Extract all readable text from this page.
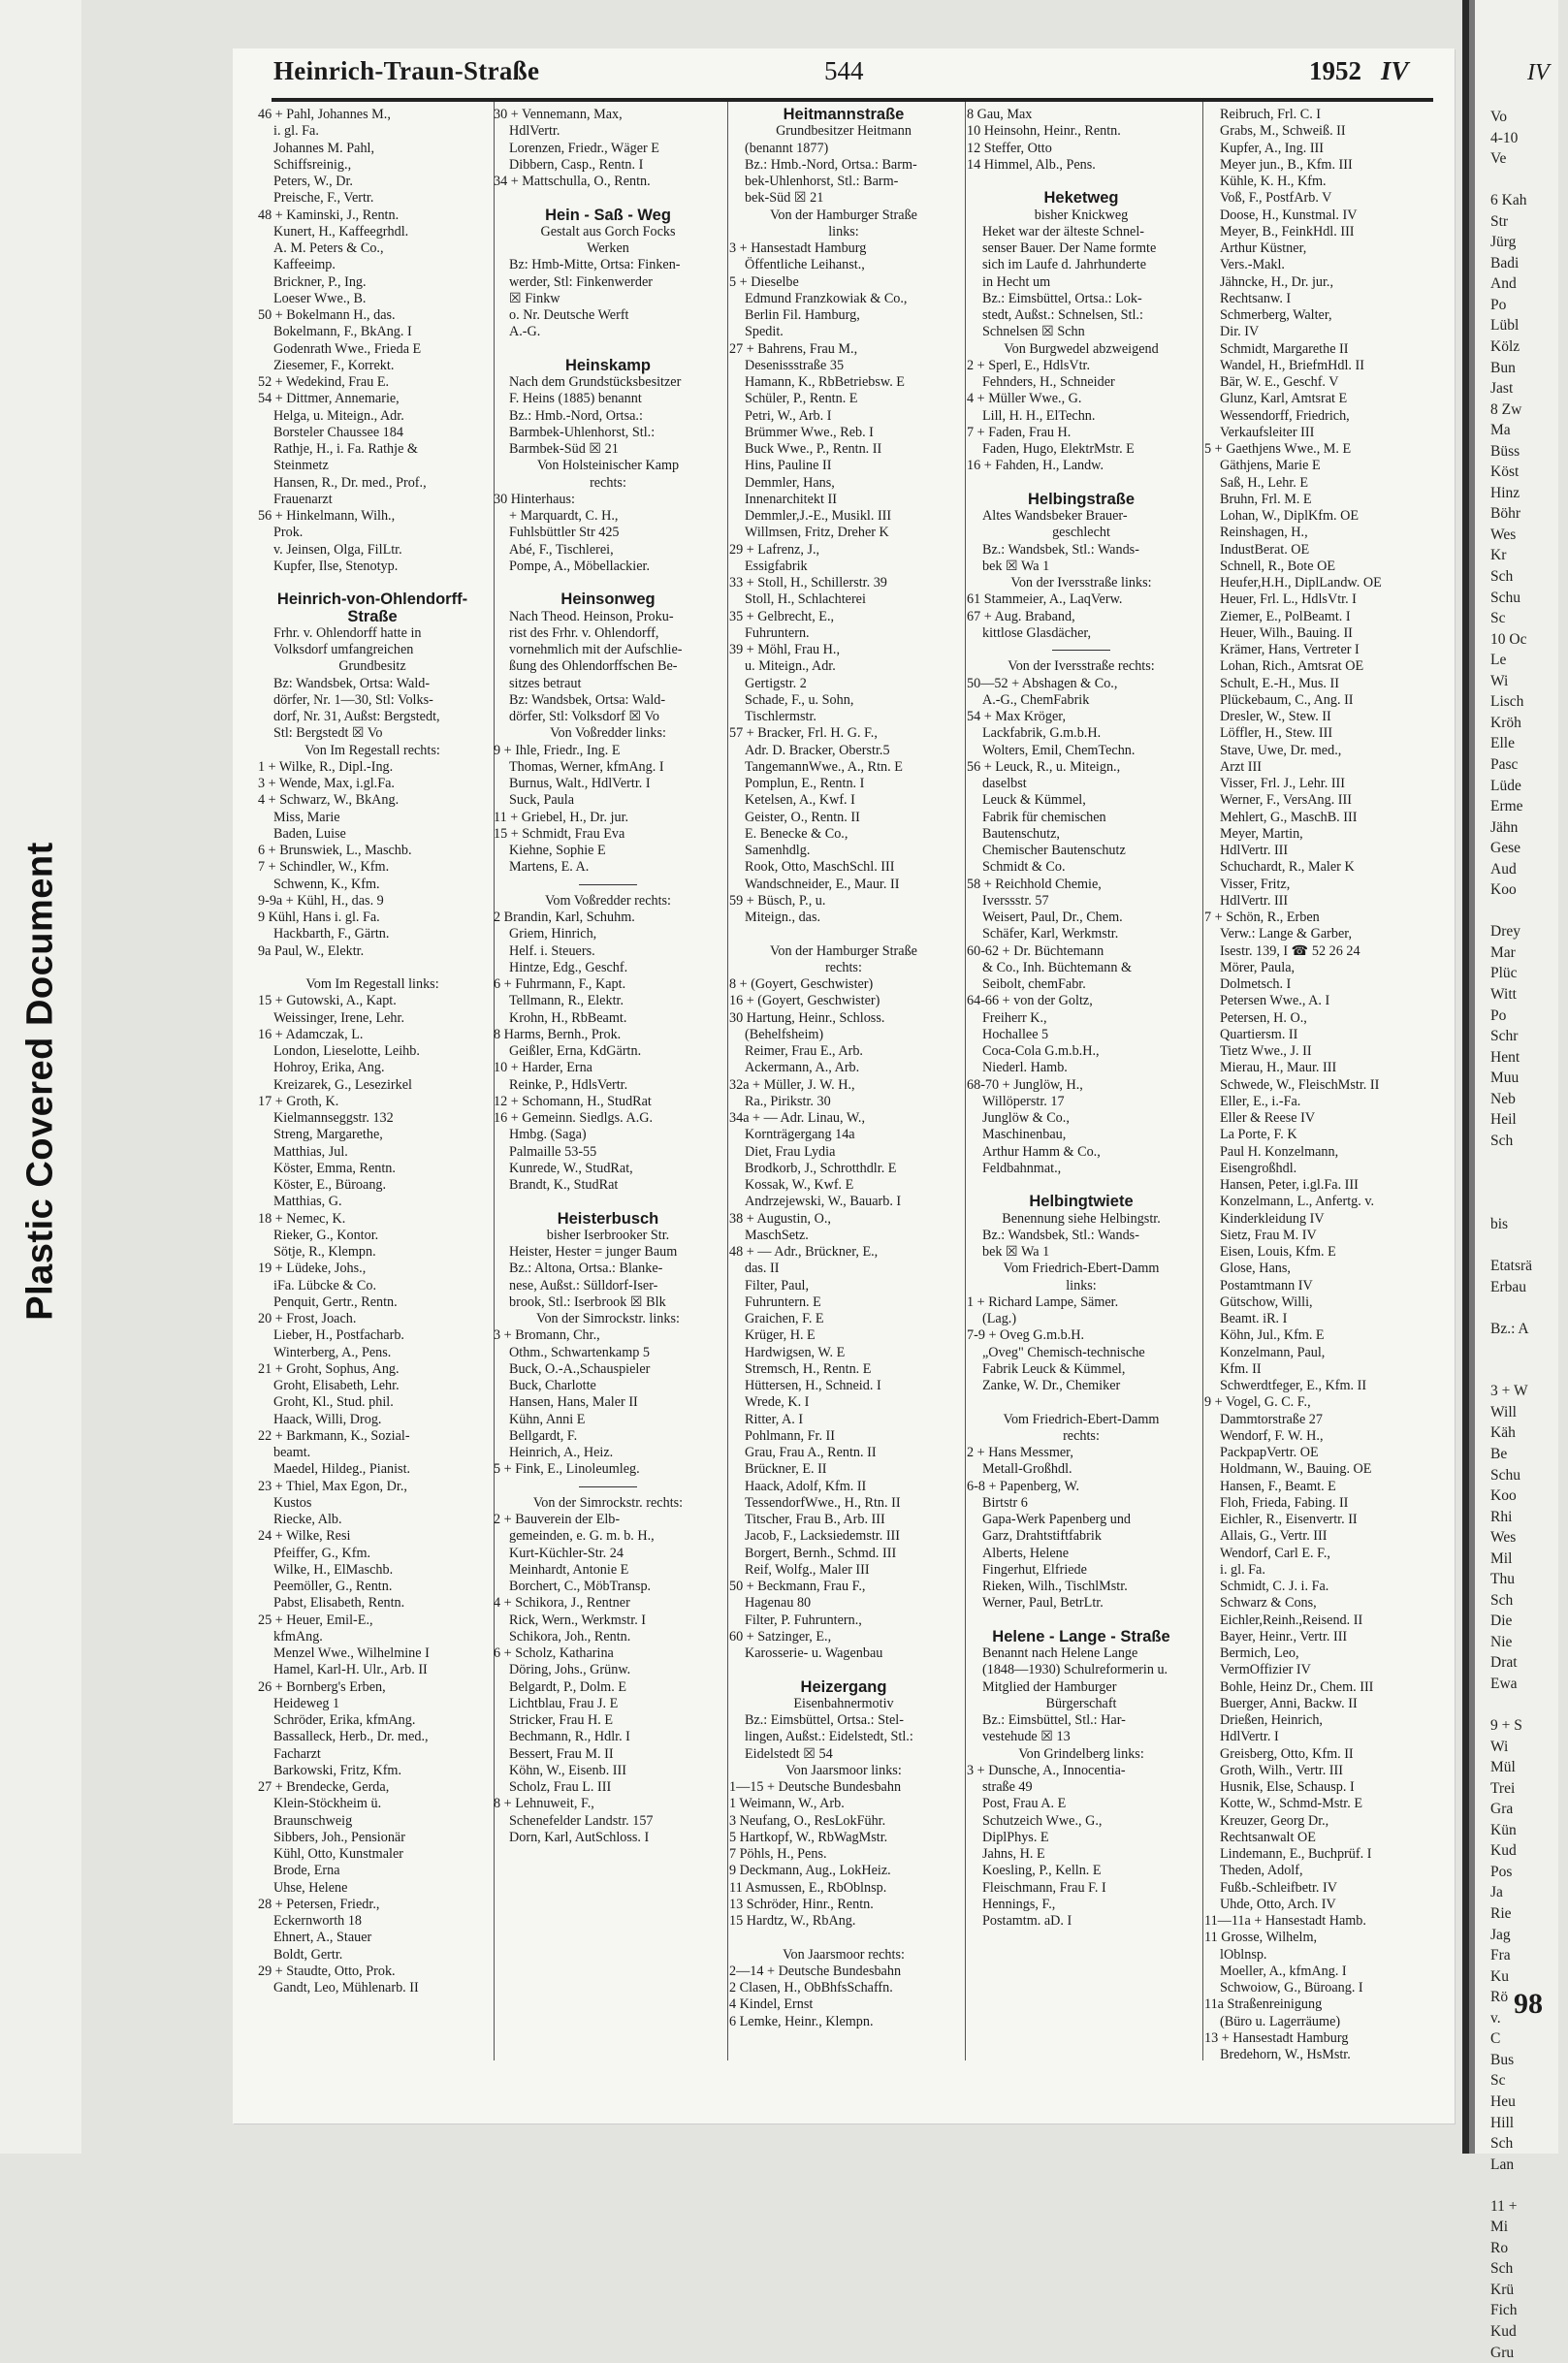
Plastic Covered Document
Heinrich-Traun-Straße	544	1952 IV
46 + Pahl, Johannes M.,
i. gl. Fa.
Johannes M. Pahl,
Schiffsreinig.,
Peters, W., Dr.
Preische, F., Vertr.
48 + Kaminski, J., Rentn.
Kunert, H., Kaffeegrhdl.
A. M. Peters & Co.,
Kaffeeimp.
Brickner, P., Ing.
Loeser Wwe., B.
50 + Bokelmann H., das.
Bokelmann, F., BkAng. I
Godenrath Wwe., Frieda E
Ziesemer, F., Korrekt.
52 + Wedekind, Frau E.
54 + Dittmer, Annemarie,
Helga, u. Miteign., Adr.
Borsteler Chaussee 184
Rathje, H., i. Fa. Rathje &
Steinmetz
Hansen, R., Dr. med., Prof.,
Frauenarzt
56 + Hinkelmann, Wilh.,
Prok.
v. Jeinsen, Olga, FilLtr.
Kupfer, Ilse, Stenotyp.
Heinrich-von-Ohlendorff-
Straße
Frhr. v. Ohlendorff hatte in
Volksdorf umfangreichen
Grundbesitz
Bz: Wandsbek, Ortsa: Wald-
dörfer, Nr. 1—30, Stl: Volks-
dorf, Nr. 31, Außst: Bergstedt,
Stl: Bergstedt ☒ Vo
Von Im Regestall rechts:
1 + Wilke, R., Dipl.-Ing.
3 + Wende, Max, i.gl.Fa.
4 + Schwarz, W., BkAng.
Miss, Marie
Baden, Luise
6 + Brunswiek, L., Maschb.
7 + Schindler, W., Kfm.
Schwenn, K., Kfm.
9-9a + Kühl, H., das. 9
9 Kühl, Hans i. gl. Fa.
Hackbarth, F., Gärtn.
9a Paul, W., Elektr.
Vom Im Regestall links:
15 + Gutowski, A., Kapt.
Weissinger, Irene, Lehr.
16 + Adamczak, L.
London, Lieselotte, Leihb.
Hohroy, Erika, Ang.
Kreizarek, G., Lesezirkel
17 + Groth, K.
Kielmannseggstr. 132
Streng, Margarethe,
Matthias, Jul.
Köster, Emma, Rentn.
Köster, E., Büroang.
Matthias, G.
18 + Nemec, K.
Rieker, G., Kontor.
Sötje, R., Klempn.
19 + Lüdeke, Johs.,
iFa. Lübcke & Co.
Penquit, Gertr., Rentn.
20 + Frost, Joach.
Lieber, H., Postfacharb.
Winterberg, A., Pens.
21 + Groht, Sophus, Ang.
Groht, Elisabeth, Lehr.
Groht, Kl., Stud. phil.
Haack, Willi, Drog.
22 + Barkmann, K., Sozial-
beamt.
Maedel, Hildeg., Pianist.
23 + Thiel, Max Egon, Dr.,
Kustos
Riecke, Alb.
24 + Wilke, Resi
Pfeiffer, G., Kfm.
Wilke, H., ElMaschb.
Peemöller, G., Rentn.
Pabst, Elisabeth, Rentn.
25 + Heuer, Emil-E.,
kfmAng.
Menzel Wwe., Wilhelmine I
Hamel, Karl-H. Ulr., Arb. II
26 + Bornberg's Erben,
Heideweg 1
Schröder, Erika, kfmAng.
Bassalleck, Herb., Dr. med.,
Facharzt
Barkowski, Fritz, Kfm.
27 + Brendecke, Gerda,
Klein-Stöckheim ü.
Braunschweig
Sibbers, Joh., Pensionär
Kühl, Otto, Kunstmaler
Brode, Erna
Uhse, Helene
28 + Petersen, Friedr.,
Eckernworth 18
Ehnert, A., Stauer
Boldt, Gertr.
29 + Staudte, Otto, Prok.
Gandt, Leo, Mühlenarb. II
30 + Vennemann, Max,
HdlVertr.
Lorenzen, Friedr., Wäger E
Dibbern, Casp., Rentn. I
34 + Mattschulla, O., Rentn.
Hein - Saß - Weg
Gestalt aus Gorch Focks
Werken
Bz: Hmb-Mitte, Ortsa: Finken-
werder, Stl: Finkenwerder
☒ Finkw
o. Nr. Deutsche Werft
A.-G.
Heinskamp
Nach dem Grundstücksbesitzer
F. Heins (1885) benannt
Bz.: Hmb.-Nord, Ortsa.:
Barmbek-Uhlenhorst, Stl.:
Barmbek-Süd ☒ 21
Von Holsteinischer Kamp
rechts:
30 Hinterhaus:
+ Marquardt, C. H.,
Fuhlsbüttler Str 425
Abé, F., Tischlerei,
Pompe, A., Möbellackier.
Heinsonweg
Nach Theod. Heinson, Proku-
rist des Frhr. v. Ohlendorff,
vornehmlich mit der Aufschlie-
ßung des Ohlendorffschen Be-
sitzes betraut
Bz: Wandsbek, Ortsa: Wald-
dörfer, Stl: Volksdorf ☒ Vo
Von Voßredder links:
9 + Ihle, Friedr., Ing. E
Thomas, Werner, kfmAng. I
Burnus, Walt., HdlVertr. I
Suck, Paula
11 + Griebel, H., Dr. jur.
15 + Schmidt, Frau Eva
Kiehne, Sophie E
Martens, E. A.
Vom Voßredder rechts:
2 Brandin, Karl, Schuhm.
Griem, Hinrich,
Helf. i. Steuers.
Hintze, Edg., Geschf.
6 + Fuhrmann, F., Kapt.
Tellmann, R., Elektr.
Krohn, H., RbBeamt.
8 Harms, Bernh., Prok.
Geißler, Erna, KdGärtn.
10 + Harder, Erna
Reinke, P., HdlsVertr.
12 + Schomann, H., StudRat
16 + Gemeinn. Siedlgs. A.G.
Hmbg. (Saga)
Palmaille 53-55
Kunrede, W., StudRat,
Brandt, K., StudRat
Heisterbusch
bisher Iserbrooker Str.
Heister, Hester = junger Baum
Bz.: Altona, Ortsa.: Blanke-
nese, Außst.: Sülldorf-Iser-
brook, Stl.: Iserbrook ☒ Blk
Von der Simrockstr. links:
3 + Bromann, Chr.,
Othm., Schwartenkamp 5
Buck, O.-A.,Schauspieler
Buck, Charlotte
Hansen, Hans, Maler II
Kühn, Anni E
Bellgardt, F.
Heinrich, A., Heiz.
5 + Fink, E., Linoleumleg.
Von der Simrockstr. rechts:
2 + Bauverein der Elb-
gemeinden, e. G. m. b. H.,
Kurt-Küchler-Str. 24
Meinhardt, Antonie E
Borchert, C., MöbTransp.
4 + Schikora, J., Rentner
Rick, Wern., Werkmstr. I
Schikora, Joh., Rentn.
6 + Scholz, Katharina
Döring, Johs., Grünw.
Belgardt, P., Dolm. E
Lichtblau, Frau J. E
Stricker, Frau H. E
Bechmann, R., Hdlr. I
Bessert, Frau M. II
Köhn, W., Eisenb. III
Scholz, Frau L. III
8 + Lehnuweit, F.,
Schenefelder Landstr. 157
Dorn, Karl, AutSchloss. I
Heitmannstraße
Grundbesitzer Heitmann
(benannt 1877)
Bz.: Hmb.-Nord, Ortsa.: Barm-
bek-Uhlenhorst, Stl.: Barm-
bek-Süd ☒ 21
Von der Hamburger Straße
links:
3 + Hansestadt Hamburg
Öffentliche Leihanst.,
5 + Dieselbe
Edmund Franzkowiak & Co.,
Berlin Fil. Hamburg,
Spedit.
27 + Bahrens, Frau M.,
Desenissstraße 35
Hamann, K., RbBetriebsw. E
Schüler, P., Rentn. E
Petri, W., Arb. I
Brümmer Wwe., Reb. I
Buck Wwe., P., Rentn. II
Hins, Pauline II
Demmler, Hans,
Innenarchitekt II
Demmler,J.-E., Musikl. III
Willmsen, Fritz, Dreher K
29 + Lafrenz, J.,
Essigfabrik
33 + Stoll, H., Schillerstr. 39
Stoll, H., Schlachterei
35 + Gelbrecht, E.,
Fuhruntern.
39 + Möhl, Frau H.,
u. Miteign., Adr.
Gertigstr. 2
Schade, F., u. Sohn,
Tischlermstr.
57 + Bracker, Frl. H. G. F.,
Adr. D. Bracker, Oberstr.5
TangemannWwe., A., Rtn. E
Pomplun, E., Rentn. I
Ketelsen, A., Kwf. I
Geister, O., Rentn. II
E. Benecke & Co.,
Samenhdlg.
Rook, Otto, MaschSchl. III
Wandschneider, E., Maur. II
59 + Büsch, P., u.
Miteign., das.
Von der Hamburger Straße
rechts:
8 + (Goyert, Geschwister)
16 + (Goyert, Geschwister)
30 Hartung, Heinr., Schloss.
(Behelfsheim)
Reimer, Frau E., Arb.
Ackermann, A., Arb.
32a + Müller, J. W. H.,
Ra., Pirikstr. 30
34a + — Adr. Linau, W.,
Kornträgergang 14a
Diet, Frau Lydia
Brodkorb, J., Schrotthdlr. E
Kossak, W., Kwf. E
Andrzejewski, W., Bauarb. I
38 + Augustin, O.,
MaschSetz.
48 + — Adr., Brückner, E.,
das. II
Filter, Paul,
Fuhruntern. E
Graichen, F. E
Krüger, H. E
Hardwigsen, W. E
Stremsch, H., Rentn. E
Hüttersen, H., Schneid. I
Wrede, K. I
Ritter, A. I
Pohlmann, Fr. II
Grau, Frau A., Rentn. II
Brückner, E. II
Haack, Adolf, Kfm. II
TessendorfWwe., H., Rtn. II
Titscher, Frau B., Arb. III
Jacob, F., Lacksiedemstr. III
Borgert, Bernh., Schmd. III
Reif, Wolfg., Maler III
50 + Beckmann, Frau F.,
Hagenau 80
Filter, P. Fuhruntern.,
60 + Satzinger, E.,
Karosserie- u. Wagenbau
Heizergang
Eisenbahnermotiv
Bz.: Eimsbüttel, Ortsa.: Stel-
lingen, Außst.: Eidelstedt, Stl.:
Eidelstedt ☒ 54
Von Jaarsmoor links:
1—15 + Deutsche Bundesbahn
1 Weimann, W., Arb.
3 Neufang, O., ResLokFühr.
5 Hartkopf, W., RbWagMstr.
7 Pöhls, H., Pens.
9 Deckmann, Aug., LokHeiz.
11 Asmussen, E., RbOblnsp.
13 Schröder, Hinr., Rentn.
15 Hardtz, W., RbAng.
Von Jaarsmoor rechts:
2—14 + Deutsche Bundesbahn
2 Clasen, H., ObBhfsSchaffn.
4 Kindel, Ernst
6 Lemke, Heinr., Klempn.
8 Gau, Max
10 Heinsohn, Heinr., Rentn.
12 Steffer, Otto
14 Himmel, Alb., Pens.
Heketweg
bisher Knickweg
Heket war der älteste Schnel-
senser Bauer. Der Name formte
sich im Laufe d. Jahrhunderte
in Hecht um
Bz.: Eimsbüttel, Ortsa.: Lok-
stedt, Außst.: Schnelsen, Stl.:
Schnelsen ☒ Schn
Von Burgwedel abzweigend
2 + Sperl, E., HdlsVtr.
Fehnders, H., Schneider
4 + Müller Wwe., G.
Lill, H. H., ElTechn.
7 + Faden, Frau H.
Faden, Hugo, ElektrMstr. E
16 + Fahden, H., Landw.
Helbingstraße
Altes Wandsbeker Brauer-
geschlecht
Bz.: Wandsbek, Stl.: Wands-
bek ☒ Wa 1
Von der Iversstraße links:
61 Stammeier, A., LaqVerw.
67 + Aug. Braband,
kittlose Glasdächer,
Von der Iversstraße rechts:
50—52 + Abshagen & Co.,
A.-G., ChemFabrik
54 + Max Kröger,
Lackfabrik, G.m.b.H.
Wolters, Emil, ChemTechn.
56 + Leuck, R., u. Miteign.,
daselbst
Leuck & Kümmel,
Fabrik für chemischen
Bautenschutz,
Chemischer Bautenschutz
Schmidt & Co.
58 + Reichhold Chemie,
Iverssstr. 57
Weisert, Paul, Dr., Chem.
Schäfer, Karl, Werkmstr.
60-62 + Dr. Büchtemann
& Co., Inh. Büchtemann &
Seibolt, chemFabr.
64-66 + von der Goltz,
Freiherr K.,
Hochallee 5
Coca-Cola G.m.b.H.,
Niederl. Hamb.
68-70 + Junglöw, H.,
Willöperstr. 17
Junglöw & Co.,
Maschinenbau,
Arthur Hamm & Co.,
Feldbahnmat.,
Helbingtwiete
Benennung siehe Helbingstr.
Bz.: Wandsbek, Stl.: Wands-
bek ☒ Wa 1
Vom Friedrich-Ebert-Damm
links:
1 + Richard Lampe, Sämer.
(Lag.)
7-9 + Oveg G.m.b.H.
„Oveg" Chemisch-technische
Fabrik Leuck & Kümmel,
Zanke, W. Dr., Chemiker
Vom Friedrich-Ebert-Damm
rechts:
2 + Hans Messmer,
Metall-Großhdl.
6-8 + Papenberg, W.
Birtstr 6
Gapa-Werk Papenberg und
Garz, Drahtstiftfabrik
Alberts, Helene
Fingerhut, Elfriede
Rieken, Wilh., TischlMstr.
Werner, Paul, BetrLtr.
Helene - Lange - Straße
Benannt nach Helene Lange
(1848—1930) Schulreformerin u.
Mitglied der Hamburger
Bürgerschaft
Bz.: Eimsbüttel, Stl.: Har-
vestehude ☒ 13
Von Grindelberg links:
3 + Dunsche, A., Innocentia-
straße 49
Post, Frau A. E
Schutzeich Wwe., G.,
DiplPhys. E
Jahns, H. E
Koesling, P., Kelln. E
Fleischmann, Frau F. I
Hennings, F.,
Postamtm. aD. I
Reibruch, Frl. C. I
Grabs, M., Schweiß. II
Kupfer, A., Ing. III
Meyer jun., B., Kfm. III
Kühle, K. H., Kfm.
Voß, F., PostfArb. V
Doose, H., Kunstmal. IV
Meyer, B., FeinkHdl. III
Arthur Küstner,
Vers.-Makl.
Jähncke, H., Dr. jur.,
Rechtsanw. I
Schmerberg, Walter,
Dir. IV
Schmidt, Margarethe II
Wandel, H., BriefmHdl. II
Bär, W. E., Geschf. V
Glunz, Karl, Amtsrat E
Wessendorff, Friedrich,
Verkaufsleiter III
5 + Gaethjens Wwe., M. E
Gäthjens, Marie E
Saß, H., Lehr. E
Bruhn, Frl. M. E
Lohan, W., DiplKfm. OE
Reinshagen, H.,
IndustBerat. OE
Schnell, R., Bote OE
Heufer,H.H., DiplLandw. OE
Heuer, Frl. L., HdlsVtr. I
Ziemer, E., PolBeamt. I
Heuer, Wilh., Bauing. II
Krämer, Hans, Vertreter I
Lohan, Rich., Amtsrat OE
Schult, E.-H., Mus. II
Plückebaum, C., Ang. II
Dresler, W., Stew. II
Löffler, H., Stew. III
Stave, Uwe, Dr. med.,
Arzt III
Visser, Frl. J., Lehr. III
Werner, F., VersAng. III
Mehlert, G., MaschB. III
Meyer, Martin,
HdlVertr. III
Schuchardt, R., Maler K
Visser, Fritz,
HdlVertr. III
7 + Schön, R., Erben
Verw.: Lange & Garber,
Isestr. 139, I ☎ 52 26 24
Mörer, Paula,
Dolmetsch. I
Petersen Wwe., A. I
Petersen, H. O.,
Quartiersm. II
Tietz Wwe., J. II
Mierau, H., Maur. III
Schwede, W., FleischMstr. II
Eller, E., i.-Fa.
Eller & Reese IV
La Porte, F. K
Paul H. Konzelmann,
Eisengroßhdl.
Hansen, Peter, i.gl.Fa. III
Konzelmann, L., Anfertg. v.
Kinderkleidung IV
Sietz, Frau M. IV
Eisen, Louis, Kfm. E
Glose, Hans,
Postamtmann IV
Gütschow, Willi,
Beamt. iR. I
Köhn, Jul., Kfm. E
Konzelmann, Paul,
Kfm. II
Schwerdtfeger, E., Kfm. II
9 + Vogel, G. C. F.,
Dammtorstraße 27
Wendorf, F. W. H.,
PackpapVertr. OE
Holdmann, W., Bauing. OE
Hansen, F., Beamt. E
Floh, Frieda, Fabing. II
Eichler, R., Eisenvertr. II
Allais, G., Vertr. III
Wendorf, Carl E. F.,
i. gl. Fa.
Schmidt, C. J. i. Fa.
Schwarz & Cons,
Eichler,Reinh.,Reisend. II
Bayer, Heinr., Vertr. III
Bermich, Leo,
VermOffizier IV
Bohle, Heinz Dr., Chem. III
Buerger, Anni, Backw. II
Drießen, Heinrich,
HdlVertr. I
Greisberg, Otto, Kfm. II
Groth, Wilh., Vertr. III
Husnik, Else, Schausp. I
Kotte, W., Schmd-Mstr. E
Kreuzer, Georg Dr.,
Rechtsanwalt OE
Lindemann, E., Buchprüf. I
Theden, Adolf,
Fußb.-Schleifbetr. IV
Uhde, Otto, Arch. IV
11—11a + Hansestadt Hamb.
11 Grosse, Wilhelm,
lOblnsp.
Moeller, A., kfmAng. I
Schwoiow, G., Büroang. I
11a Straßenreinigung
(Büro u. Lagerräume)
13 + Hansestadt Hamburg
Bredehorn, W., HsMstr.
IV
Vo
4-10
Ve
6 Kah
Str
Jürg
Badi
And
Po
Lübl
Kölz
Bun
Jast
8 Zw
Ma
Büss
Köst
Hinz
Böhr
Wes
Kr
Sch
Schu
Sc
10 Oc
Le
Wi
Lisch
Kröh
Elle
Pasc
Lüde
Erme
Jähn
Gese
Aud
Koo
Drey
Mar
Plüc
Witt
Po
Schr
Hent
Muu
Neb
Heil
Sch
bis
Etatsrä
Erbau
Bz.: A
3 + W
Will
Käh
Be
Schu
Koo
Rhi
Wes
Mil
Thu
Sch
Die
Nie
Drat
Ewa
9 + S
Wi
Mül
Trei
Gra
Kün
Kud
Pos
Ja
Rie
Jag
Fra
Ku
Rö
v.
C
Bus
Sc
Heu
Hill
Sch
Lan
11 +
Mi
Ro
Sch
Krü
Fich
Kud
Gru
98
